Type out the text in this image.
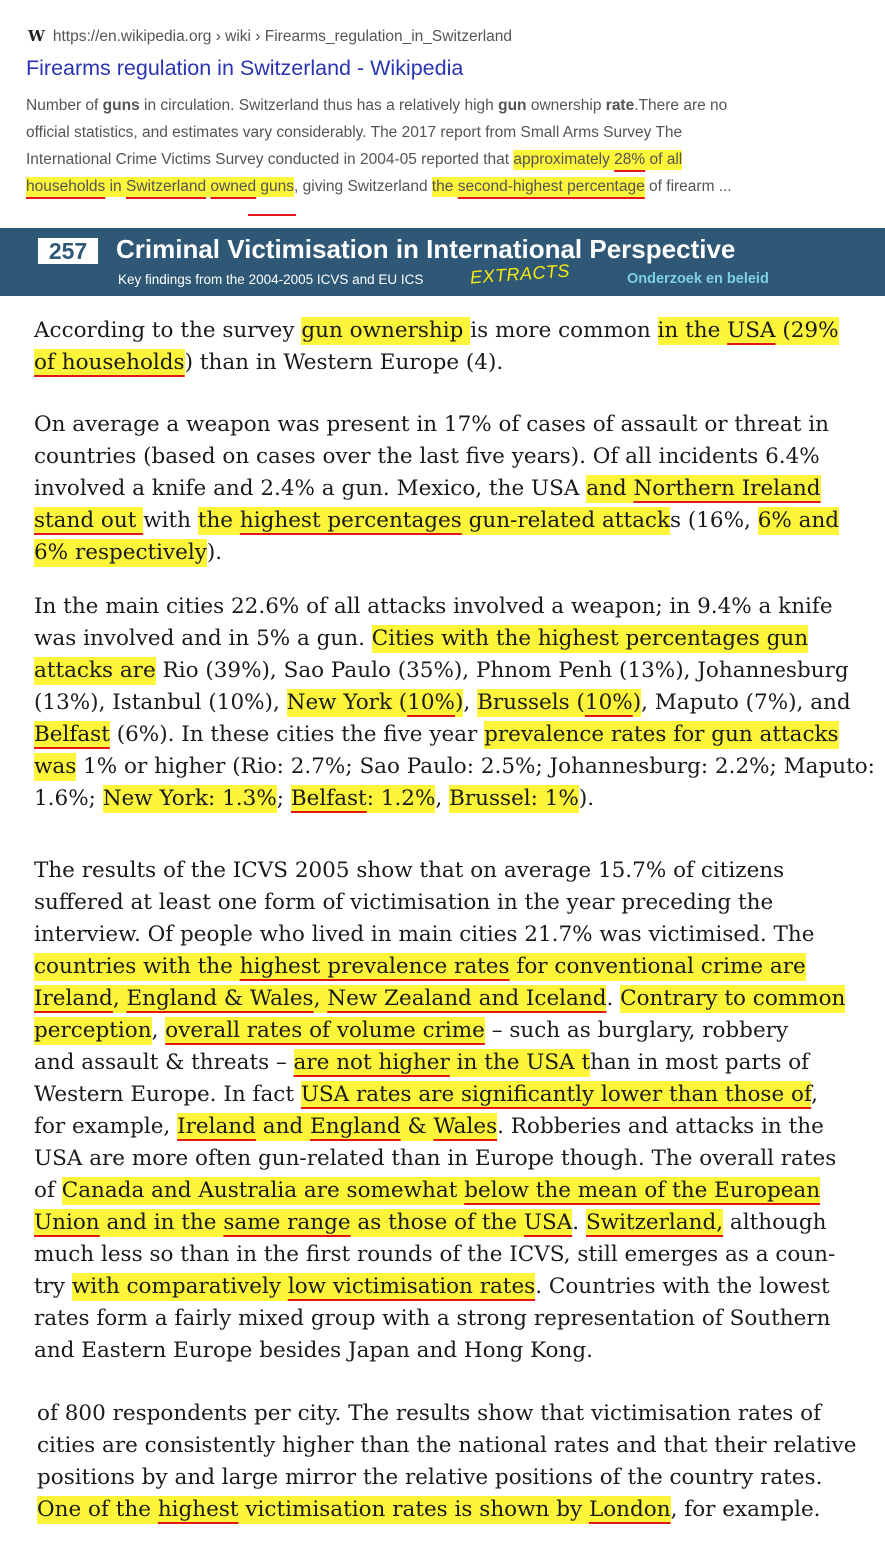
W https://en.wikipedia.org › wiki › Firearms_regulation_in_Switzerland
Firearms regulation in Switzerland - Wikipedia
Number of guns in circulation. Switzerland thus has a relatively high gun ownership rate.There are no
official statistics, and estimates vary considerably. The 2017 report from Small Arms Survey The
International Crime Victims Survey conducted in 2004-05 reported that approximately 28% of all
households in Switzerland owned guns, giving Switzerland the second-highest percentage of firearm ...
257	Criminal Victimisation in International Perspective
Key findings from the 2004-2005 ICVS and EU ICS	EXTRACTS	Onderzoek en beleid
According to the survey gun ownership is more common in the USA (29%
of households) than in Western Europe (4).
On average a weapon was present in 17% of cases of assault or threat in
countries (based on cases over the last five years). Of all incidents 6.4%
involved a knife and 2.4% a gun. Mexico, the USA and Northern Ireland
stand out with the highest percentages gun-related attacks (16%, 6% and
6% respectively).
In the main cities 22.6% of all attacks involved a weapon; in 9.4% a knife
was involved and in 5% a gun. Cities with the highest percentages gun
attacks are Rio (39%), Sao Paulo (35%), Phnom Penh (13%), Johannesburg
(13%), Istanbul (10%), New York (10%), Brussels (10%), Maputo (7%), and
Belfast (6%). In these cities the five year prevalence rates for gun attacks
was 1% or higher (Rio: 2.7%; Sao Paulo: 2.5%; Johannesburg: 2.2%; Maputo:
1.6%; New York: 1.3%; Belfast: 1.2%, Brussel: 1%).
The results of the ICVS 2005 show that on average 15.7% of citizens
suffered at least one form of victimisation in the year preceding the
interview. Of people who lived in main cities 21.7% was victimised. The
countries with the highest prevalence rates for conventional crime are
Ireland, England & Wales, New Zealand and Iceland. Contrary to common
perception, overall rates of volume crime – such as burglary, robbery
and assault & threats – are not higher in the USA than in most parts of
Western Europe. In fact USA rates are significantly lower than those of,
for example, Ireland and England & Wales. Robberies and attacks in the
USA are more often gun-related than in Europe though. The overall rates
of Canada and Australia are somewhat below the mean of the European
Union and in the same range as those of the USA. Switzerland, although
much less so than in the first rounds of the ICVS, still emerges as a coun-
try with comparatively low victimisation rates. Countries with the lowest
rates form a fairly mixed group with a strong representation of Southern
and Eastern Europe besides Japan and Hong Kong.
of 800 respondents per city. The results show that victimisation rates of
cities are consistently higher than the national rates and that their relative
positions by and large mirror the relative positions of the country rates.
One of the highest victimisation rates is shown by London, for example.
